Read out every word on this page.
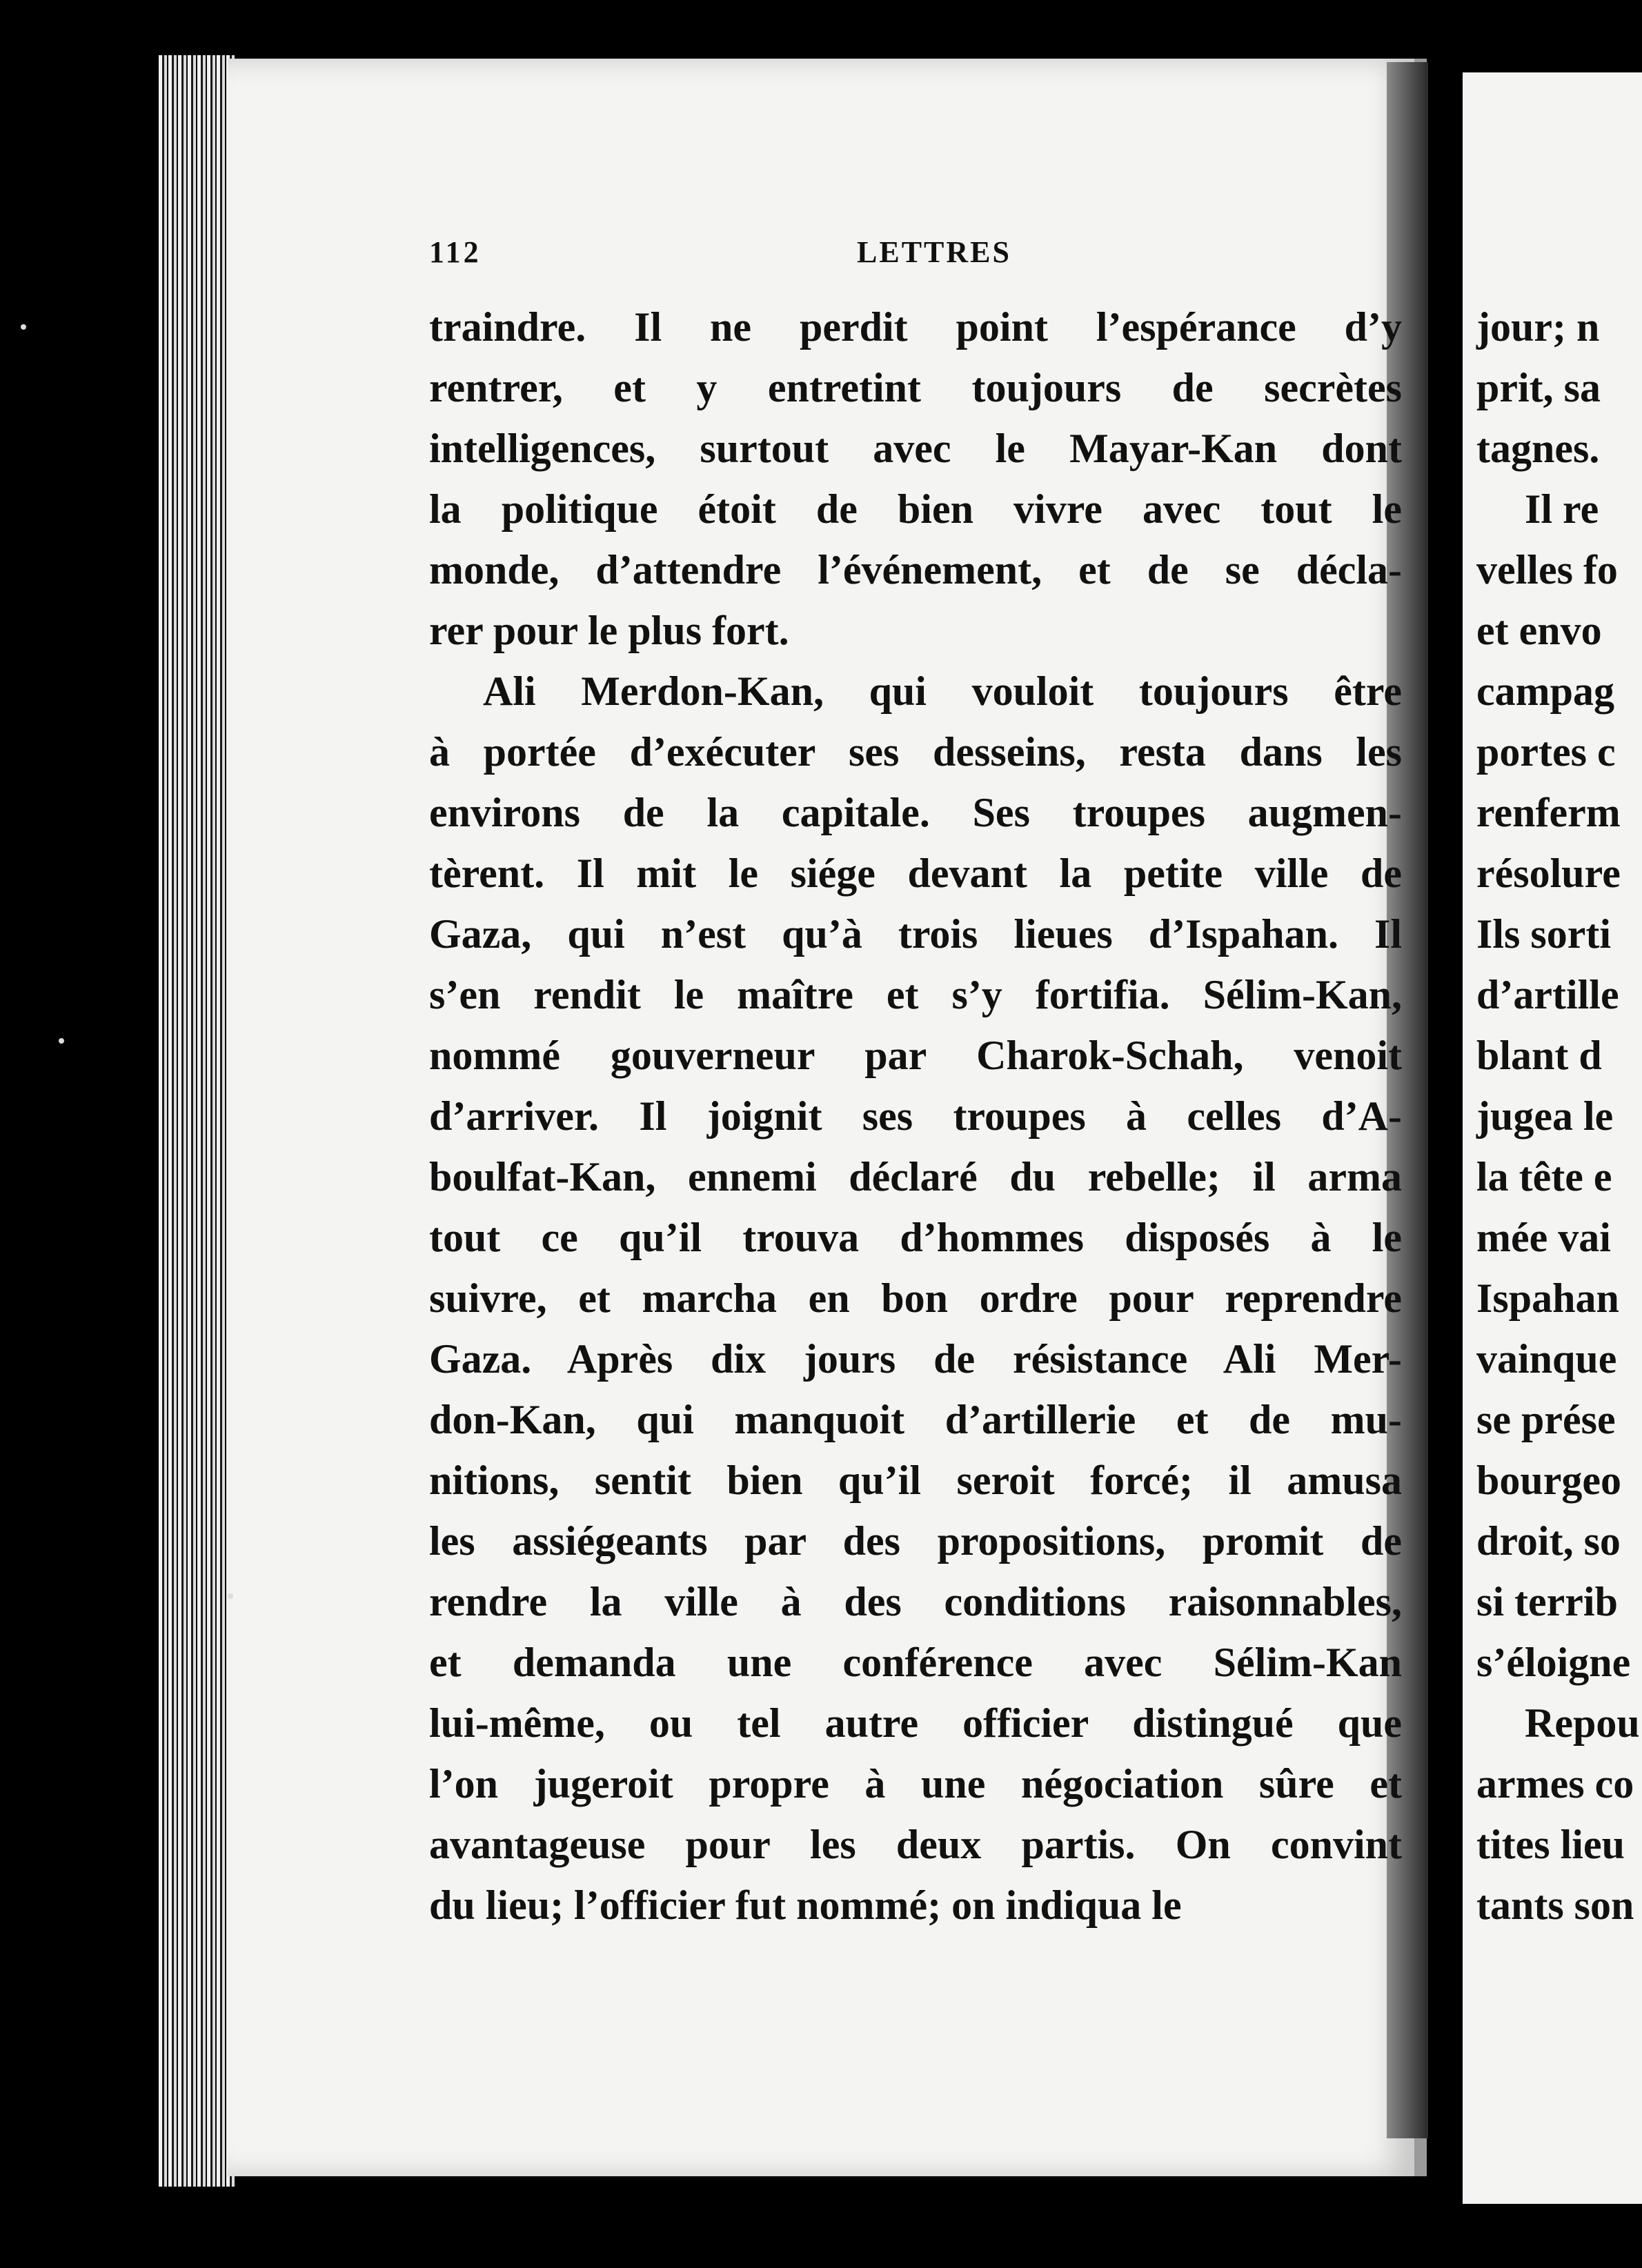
112	LETTRES
traindre. Il ne perdit point l’espérance d’y
rentrer, et y entretint toujours de secrètes
intelligences, surtout avec le Mayar-Kan dont
la politique étoit de bien vivre avec tout le
monde, d’attendre l’événement, et de se décla-
rer pour le plus fort.
Ali Merdon-Kan, qui vouloit toujours être
à portée d’exécuter ses desseins, resta dans les
environs de la capitale. Ses troupes augmen-
tèrent. Il mit le siége devant la petite ville de
Gaza, qui n’est qu’à trois lieues d’Ispahan. Il
s’en rendit le maître et s’y fortifia. Sélim-Kan,
nommé gouverneur par Charok-Schah, venoit
d’arriver. Il joignit ses troupes à celles d’A-
boulfat-Kan, ennemi déclaré du rebelle; il arma
tout ce qu’il trouva d’hommes disposés à le
suivre, et marcha en bon ordre pour reprendre
Gaza. Après dix jours de résistance Ali Mer-
don-Kan, qui manquoit d’artillerie et de mu-
nitions, sentit bien qu’il seroit forcé; il amusa
les assiégeants par des propositions, promit de
rendre la ville à des conditions raisonnables,
et demanda une conférence avec Sélim-Kan
lui-même, ou tel autre officier distingué que
l’on jugeroit propre à une négociation sûre et
avantageuse pour les deux partis. On convint
du lieu; l’officier fut nommé; on indiqua le
jour; n
prit, sa
tagnes.
Il re
velles fo
et envo
campag
portes c
renferm
résolure
Ils sorti
d’artille
blant d
jugea le
la tête e
mée vai
Ispahan
vainque
se prése
bourgeo
droit, so
si terrib
s’éloigne
Repou
armes co
tites lieu
tants son
